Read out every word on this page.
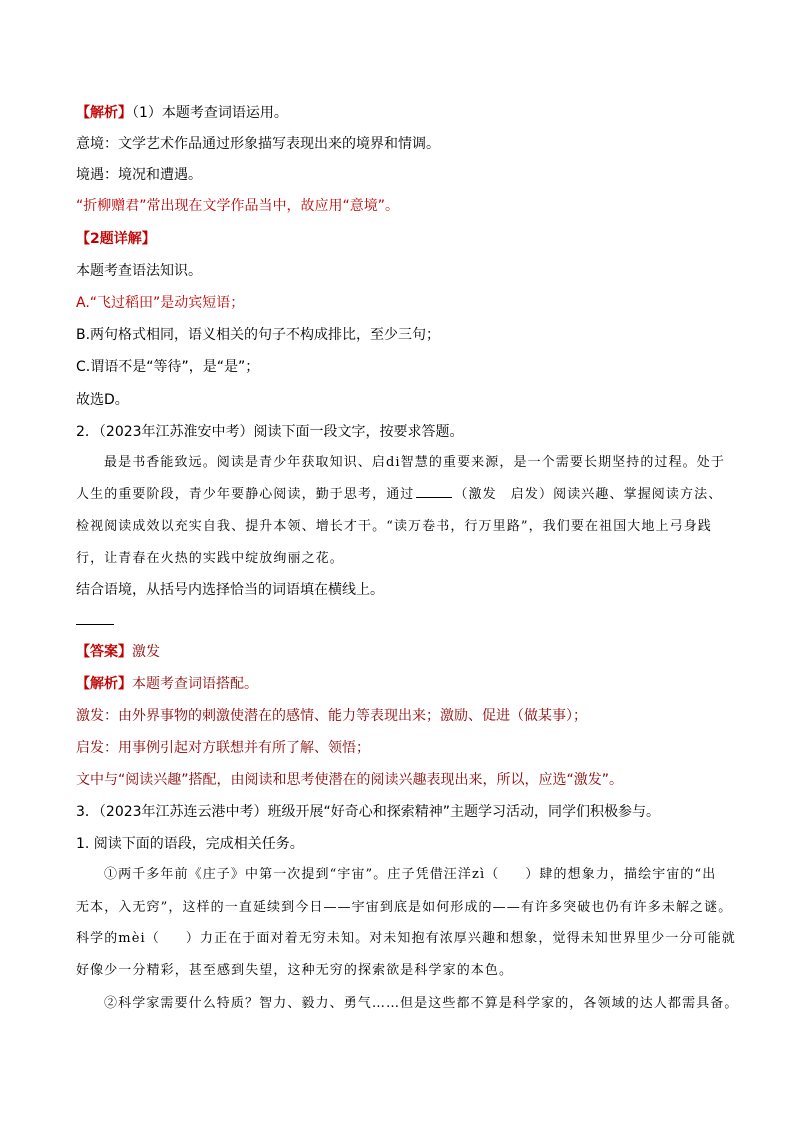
【解析】（1）本题考查词语运用。
意境：文学艺术作品通过形象描写表现出来的境界和情调。
境遇：境况和遭遇。
“折柳赠君”常出现在文学作品当中，故应用“意境”。
【2题详解】
本题考查语法知识。
A.“飞过稻田”是动宾短语；
B.两句格式相同，语义相关的句子不构成排比，至少三句；
C.谓语不是“等待”，是“是”；
故选D。
2．（2023年江苏淮安中考）阅读下面一段文字，按要求答题。
最是书香能致远。阅读是青少年获取知识、启di智慧的重要来源，是一个需要长期坚持的过程。处于
人生的重要阶段，青少年要静心阅读，勤于思考，通过	（激发　启发）阅读兴趣、掌握阅读方法、
检视阅读成效以充实自我、提升本领、增长才干。“读万卷书，行万里路”，我们要在祖国大地上弓身践
行，让青春在火热的实践中绽放绚丽之花。
结合语境，从括号内选择恰当的词语填在横线上。
【答案】激发
【解析】本题考查词语搭配。
激发：由外界事物的刺激使潜在的感情、能力等表现出来；激励、促进（做某事）；
启发：用事例引起对方联想并有所了解、领悟；
文中与“阅读兴趣”搭配，由阅读和思考使潜在的阅读兴趣表现出来，所以，应选“激发”。
3．（2023年江苏连云港中考）班级开展“好奇心和探索精神”主题学习活动，同学们积极参与。
1. 阅读下面的语段，完成相关任务。
①两千多年前《庄子》中第一次提到“宇宙”。庄子凭借汪洋zì（ ）肆的想象力，描绘宇宙的“出
无本，入无窍”，这样的一直延续到今日——宇宙到底是如何形成的——有许多突破也仍有许多未解之谜。
科学的mèi（ ）力正在于面对着无穷未知。对未知抱有浓厚兴趣和想象，觉得未知世界里少一分可能就
好像少一分精彩，甚至感到失望，这种无穷的探索欲是科学家的本色。
②科学家需要什么特质？智力、毅力、勇气……但是这些都不算是科学家的，各领域的达人都需具备。
